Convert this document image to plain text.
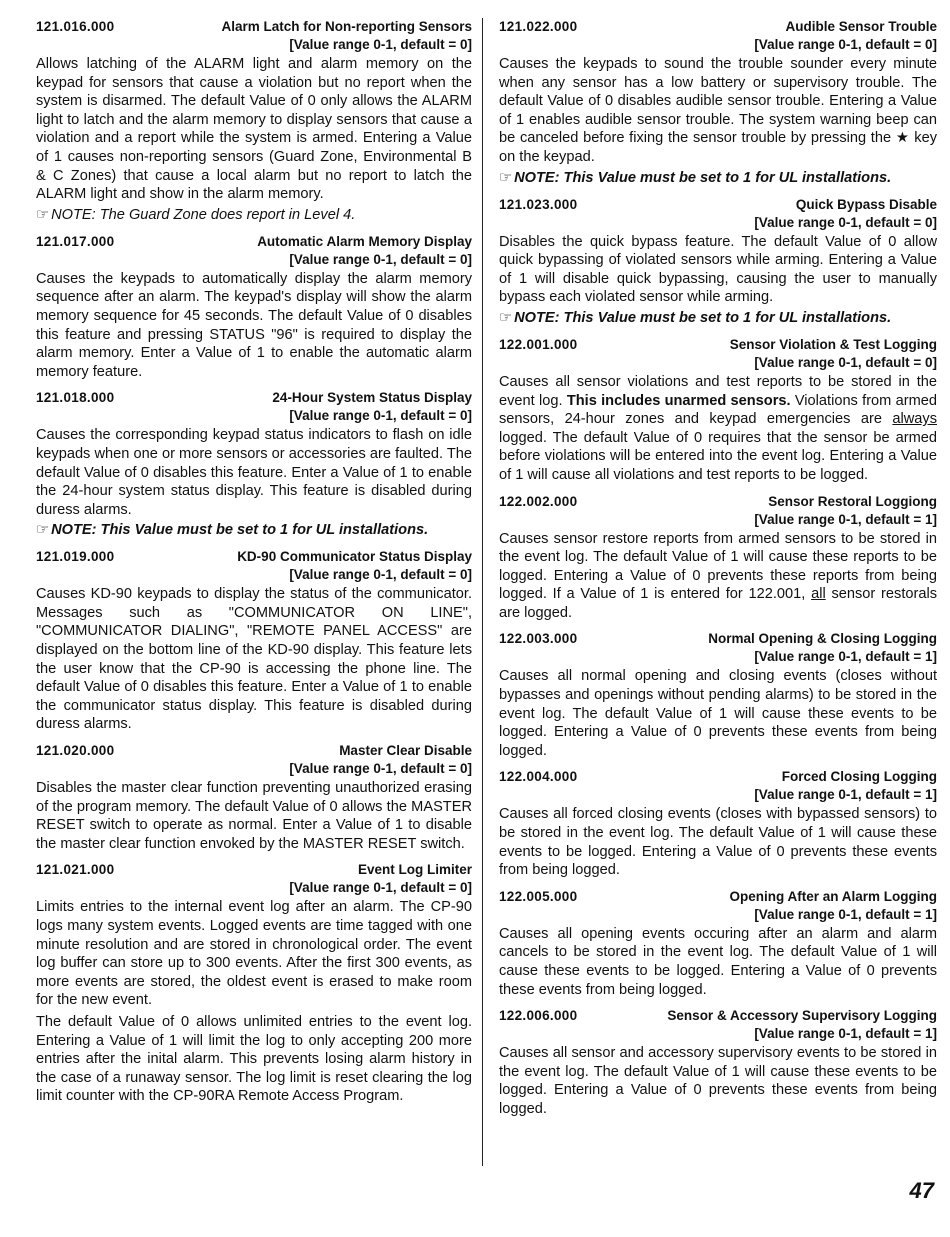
121.016.000	Alarm Latch for Non-reporting Sensors
[Value range 0-1, default = 0]

Allows latching of the ALARM light and alarm memory on the keypad for sensors that cause a violation but no report when the system is disarmed. The default Value of 0 only allows the ALARM light to latch and the alarm memory to display sensors that cause a violation and a report while the system is armed. Entering a Value of 1 causes non-reporting sensors (Guard Zone, Environmental B & C Zones) that cause a local alarm but no report to latch the ALARM light and show in the alarm memory.

☞ NOTE: The Guard Zone does report in Level 4.

121.017.000	Automatic Alarm Memory Display
[Value range 0-1, default = 0]

Causes the keypads to automatically display the alarm memory sequence after an alarm. The keypad's display will show the alarm memory sequence for 45 seconds. The default Value of 0 disables this feature and pressing STATUS "96" is required to display the alarm memory. Enter a Value of 1 to enable the automatic alarm memory feature.

121.018.000	24-Hour System Status Display
[Value range 0-1, default = 0]

Causes the corresponding keypad status indicators to flash on idle keypads when one or more sensors or accessories are faulted. The default Value of 0 disables this feature. Enter a Value of 1 to enable the 24-hour system status display. This feature is disabled during duress alarms.

☞ NOTE: This Value must be set to 1 for UL installations.

121.019.000	KD-90 Communicator Status Display
[Value range 0-1, default = 0]

Causes KD-90 keypads to display the status of the communicator. Messages such as "COMMUNICATOR ON LINE", "COMMUNICATOR DIALING", "REMOTE PANEL ACCESS" are displayed on the bottom line of the KD-90 display. This feature lets the user know that the CP-90 is accessing the phone line. The default Value of 0 disables this feature. Enter a Value of 1 to enable the communicator status display. This feature is disabled during duress alarms.

121.020.000	Master Clear Disable
[Value range 0-1, default = 0]

Disables the master clear function preventing unauthorized erasing of the program memory. The default Value of 0 allows the MASTER RESET switch to operate as normal. Enter a Value of 1 to disable the master clear function envoked by the MASTER RESET switch.

121.021.000	Event Log Limiter
[Value range 0-1, default = 0]

Limits entries to the internal event log after an alarm. The CP-90 logs many system events. Logged events are time tagged with one minute resolution and are stored in chronological order. The event log buffer can store up to 300 events. After the first 300 events, as more events are stored, the oldest event is erased to make room for the new event.

The default Value of 0 allows unlimited entries to the event log. Entering a Value of 1 will limit the log to only accepting 200 more entries after the inital alarm. This prevents losing alarm history in the case of a runaway sensor. The log limit is reset clearing the log limit counter with the CP-90RA Remote Access Program.

121.022.000	Audible Sensor Trouble
[Value range 0-1, default = 0]

Causes the keypads to sound the trouble sounder every minute when any sensor has a low battery or supervisory trouble. The default Value of 0 disables audible sensor trouble. Entering a Value of 1 enables audible sensor trouble. The system warning beep can be canceled before fixing the sensor trouble by pressing the ★ key on the keypad.

☞ NOTE: This Value must be set to 1 for UL installations.

121.023.000	Quick Bypass Disable
[Value range 0-1, default = 0]

Disables the quick bypass feature. The default Value of 0 allow quick bypassing of violated sensors while arming. Entering a Value of 1 will disable quick bypassing, causing the user to manually bypass each violated sensor while arming.

☞ NOTE: This Value must be set to 1 for UL installations.

122.001.000	Sensor Violation & Test Logging
[Value range 0-1, default = 0]

Causes all sensor violations and test reports to be stored in the event log. This includes unarmed sensors. Violations from armed sensors, 24-hour zones and keypad emergencies are always logged. The default Value of 0 requires that the sensor be armed before violations will be entered into the event log. Entering a Value of 1 will cause all violations and test reports to be logged.

122.002.000	Sensor Restoral Loggiong
[Value range 0-1, default = 1]

Causes sensor restore reports from armed sensors to be stored in the event log. The default Value of 1 will cause these reports to be logged. Entering a Value of 0 prevents these reports from being logged. If a Value of 1 is entered for 122.001, all sensor restorals are logged.

122.003.000	Normal Opening & Closing Logging
[Value range 0-1, default = 1]

Causes all normal opening and closing events (closes without bypasses and openings without pending alarms) to be stored in the event log. The default Value of 1 will cause these events to be logged. Entering a Value of 0 prevents these events from being logged.

122.004.000	Forced Closing Logging
[Value range 0-1, default = 1]

Causes all forced closing events (closes with bypassed sensors) to be stored in the event log. The default Value of 1 will cause these events to be logged. Entering a Value of 0 prevents these events from being logged.

122.005.000	Opening After an Alarm Logging
[Value range 0-1, default = 1]

Causes all opening events occuring after an alarm and alarm cancels to be stored in the event log. The default Value of 1 will cause these events to be logged. Entering a Value of 0 prevents these events from being logged.

122.006.000	Sensor & Accessory Supervisory Logging
[Value range 0-1, default = 1]

Causes all sensor and accessory supervisory events to be stored in the event log. The default Value of 1 will cause these events to be logged. Entering a Value of 0 prevents these events from being logged.

47
